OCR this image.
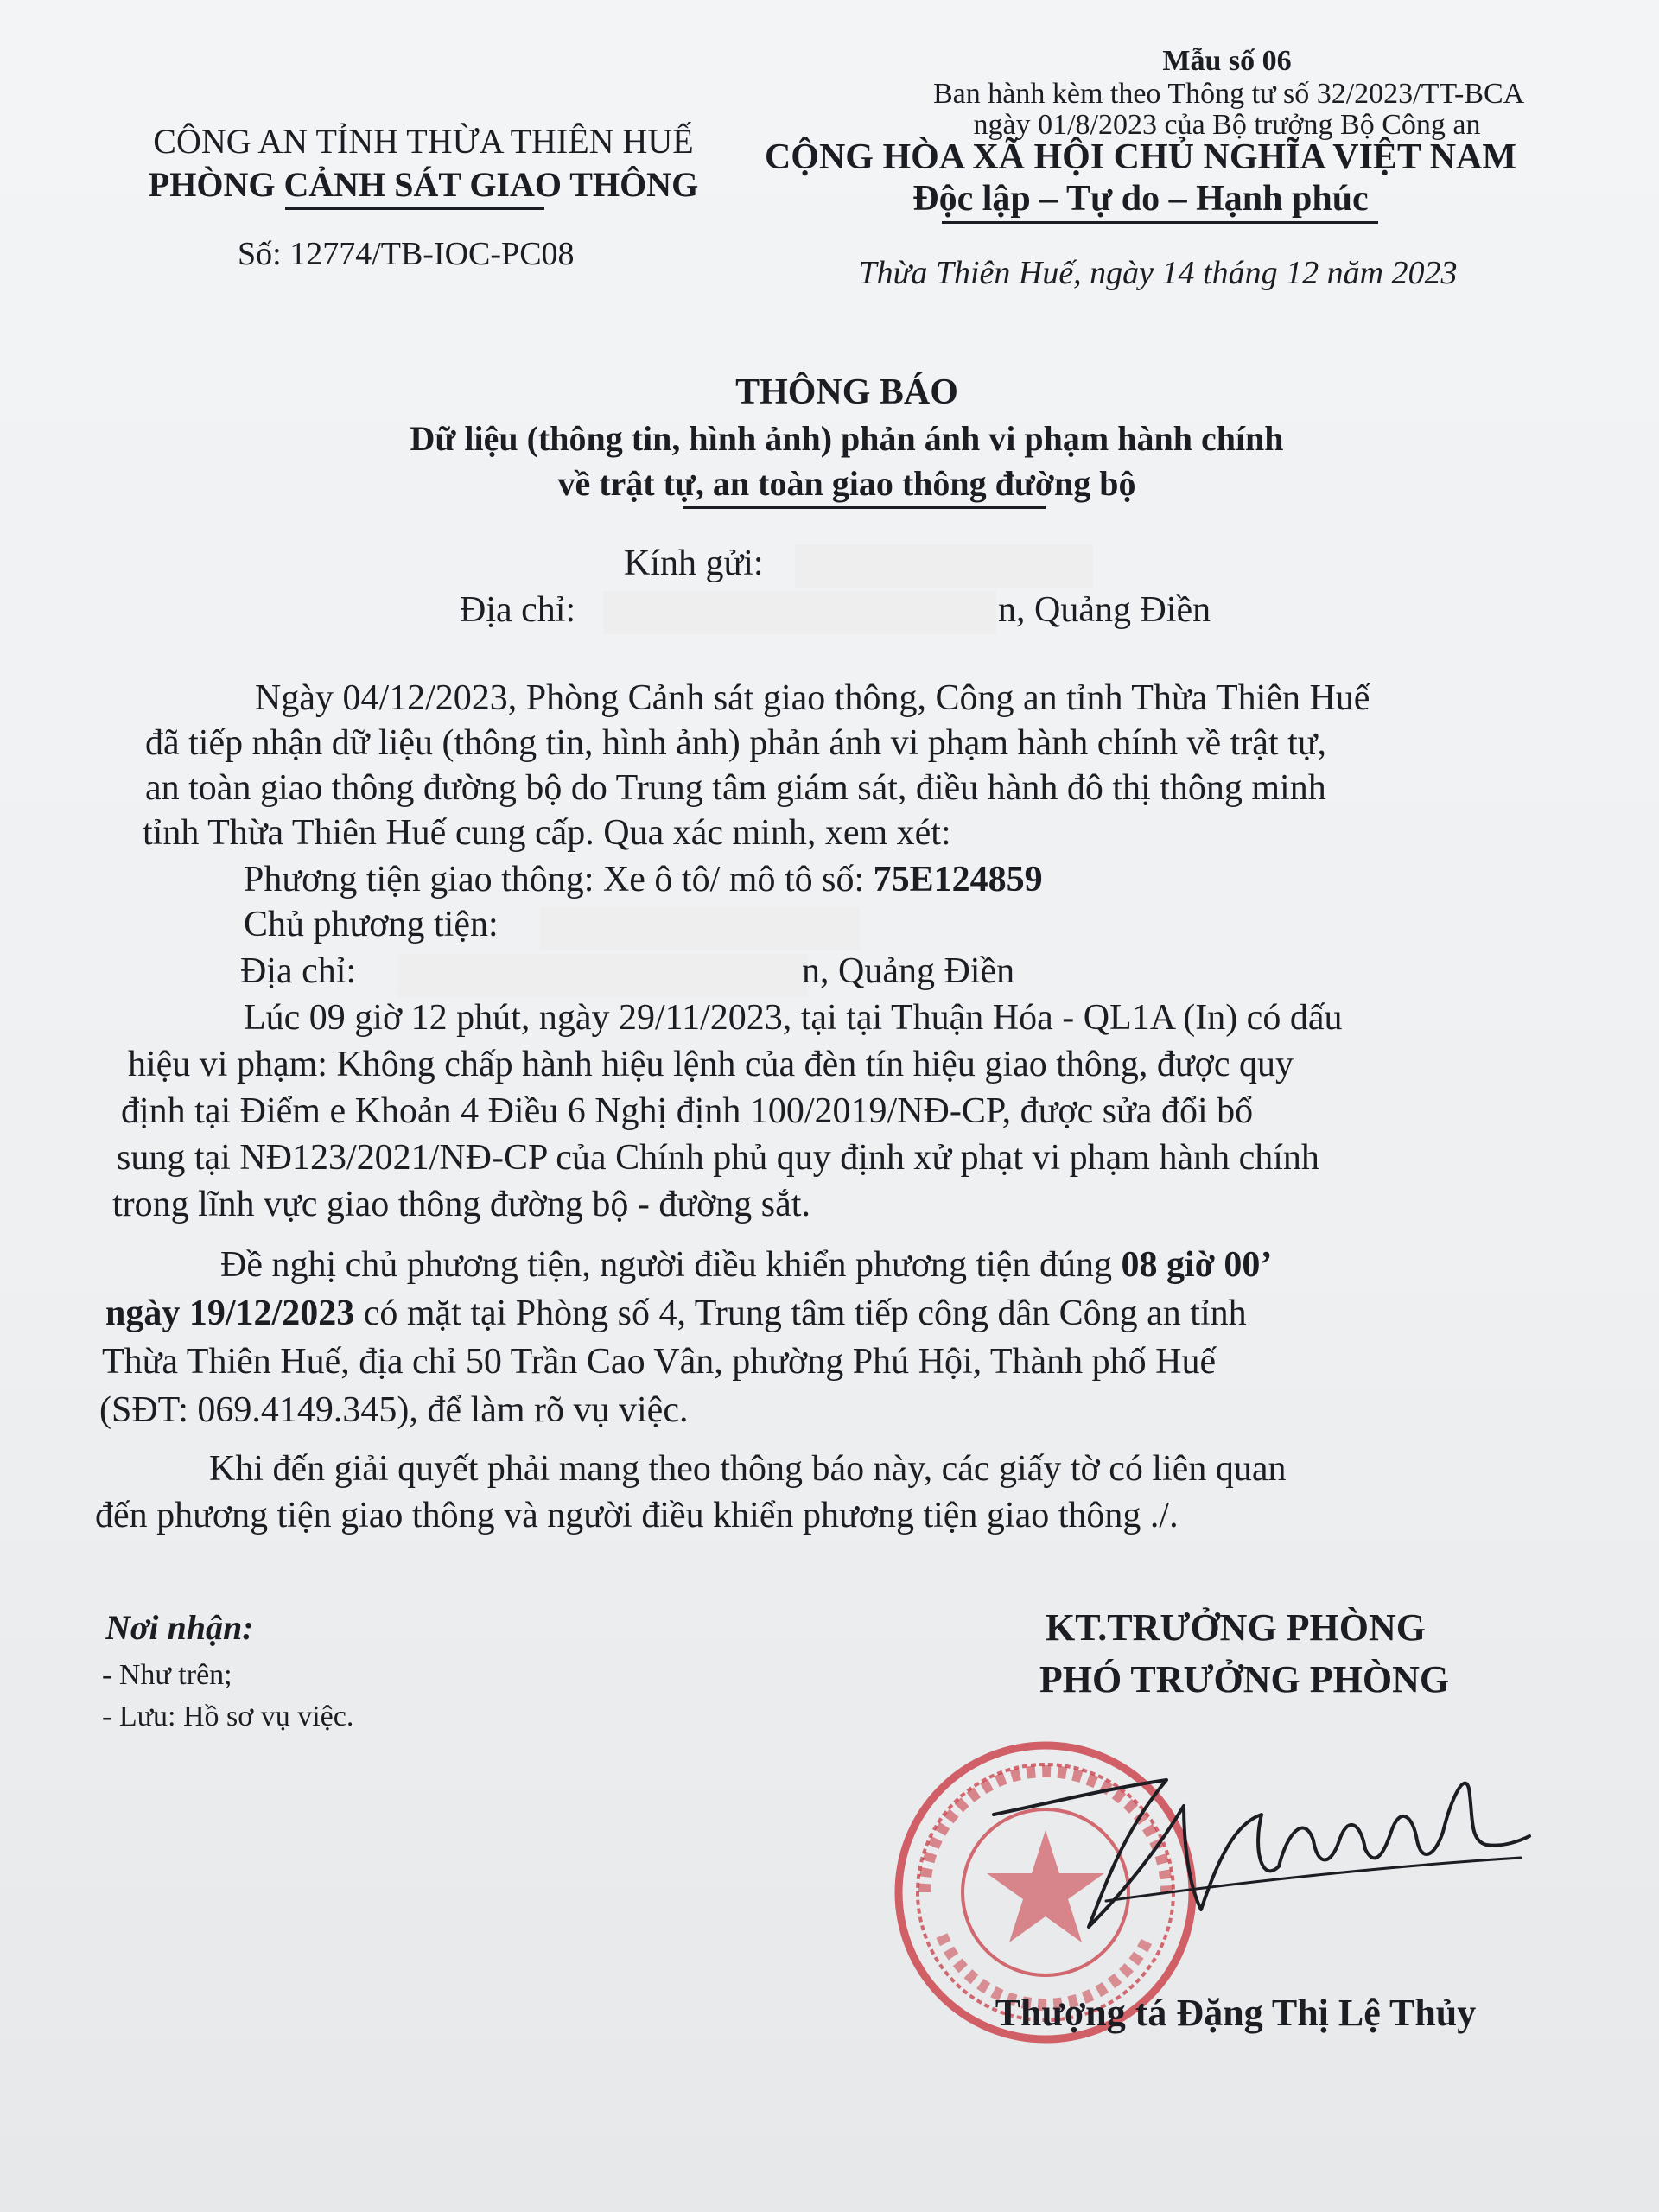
Mẫu số 06
Ban hành kèm theo Thông tư số 32/2023/TT-BCA
ngày 01/8/2023 của Bộ trưởng Bộ Công an
CÔNG AN TỈNH THỪA THIÊN HUẾ
PHÒNG CẢNH SÁT GIAO THÔNG
Số: 12774/TB-IOC-PC08
CỘNG HÒA XÃ HỘI CHỦ NGHĨA VIỆT NAM
Độc lập – Tự do – Hạnh phúc
Thừa Thiên Huế, ngày 14 tháng 12 năm 2023
THÔNG BÁO
Dữ liệu (thông tin, hình ảnh) phản ánh vi phạm hành chính
về trật tự, an toàn giao thông đường bộ
Kính gửi:
Địa chỉ:	n, Quảng Điền
Ngày 04/12/2023, Phòng Cảnh sát giao thông, Công an tỉnh Thừa Thiên Huế
đã tiếp nhận dữ liệu (thông tin, hình ảnh) phản ánh vi phạm hành chính về trật tự,
an toàn giao thông đường bộ do Trung tâm giám sát, điều hành đô thị thông minh
tỉnh Thừa Thiên Huế cung cấp. Qua xác minh, xem xét:
Phương tiện giao thông: Xe ô tô/ mô tô số: 75E124859
Chủ phương tiện:
Địa chỉ:	n, Quảng Điền
Lúc 09 giờ 12 phút, ngày 29/11/2023, tại tại Thuận Hóa - QL1A (In) có dấu
hiệu vi phạm: Không chấp hành hiệu lệnh của đèn tín hiệu giao thông, được quy
định tại Điểm e Khoản 4 Điều 6 Nghị định 100/2019/NĐ-CP, được sửa đổi bổ
sung tại NĐ123/2021/NĐ-CP của Chính phủ quy định xử phạt vi phạm hành chính
trong lĩnh vực giao thông đường bộ - đường sắt.
Đề nghị chủ phương tiện, người điều khiển phương tiện đúng 08 giờ 00’
ngày 19/12/2023 có mặt tại Phòng số 4, Trung tâm tiếp công dân Công an tỉnh
Thừa Thiên Huế, địa chỉ 50 Trần Cao Vân, phường Phú Hội, Thành phố Huế
(SĐT: 069.4149.345), để làm rõ vụ việc.
Khi đến giải quyết phải mang theo thông báo này, các giấy tờ có liên quan
đến phương tiện giao thông và người điều khiển phương tiện giao thông ./.
Nơi nhận:
- Như trên;
- Lưu: Hồ sơ vụ việc.
KT.TRƯỞNG PHÒNG
PHÓ TRƯỞNG PHÒNG
Thượng tá Đặng Thị Lệ Thủy
